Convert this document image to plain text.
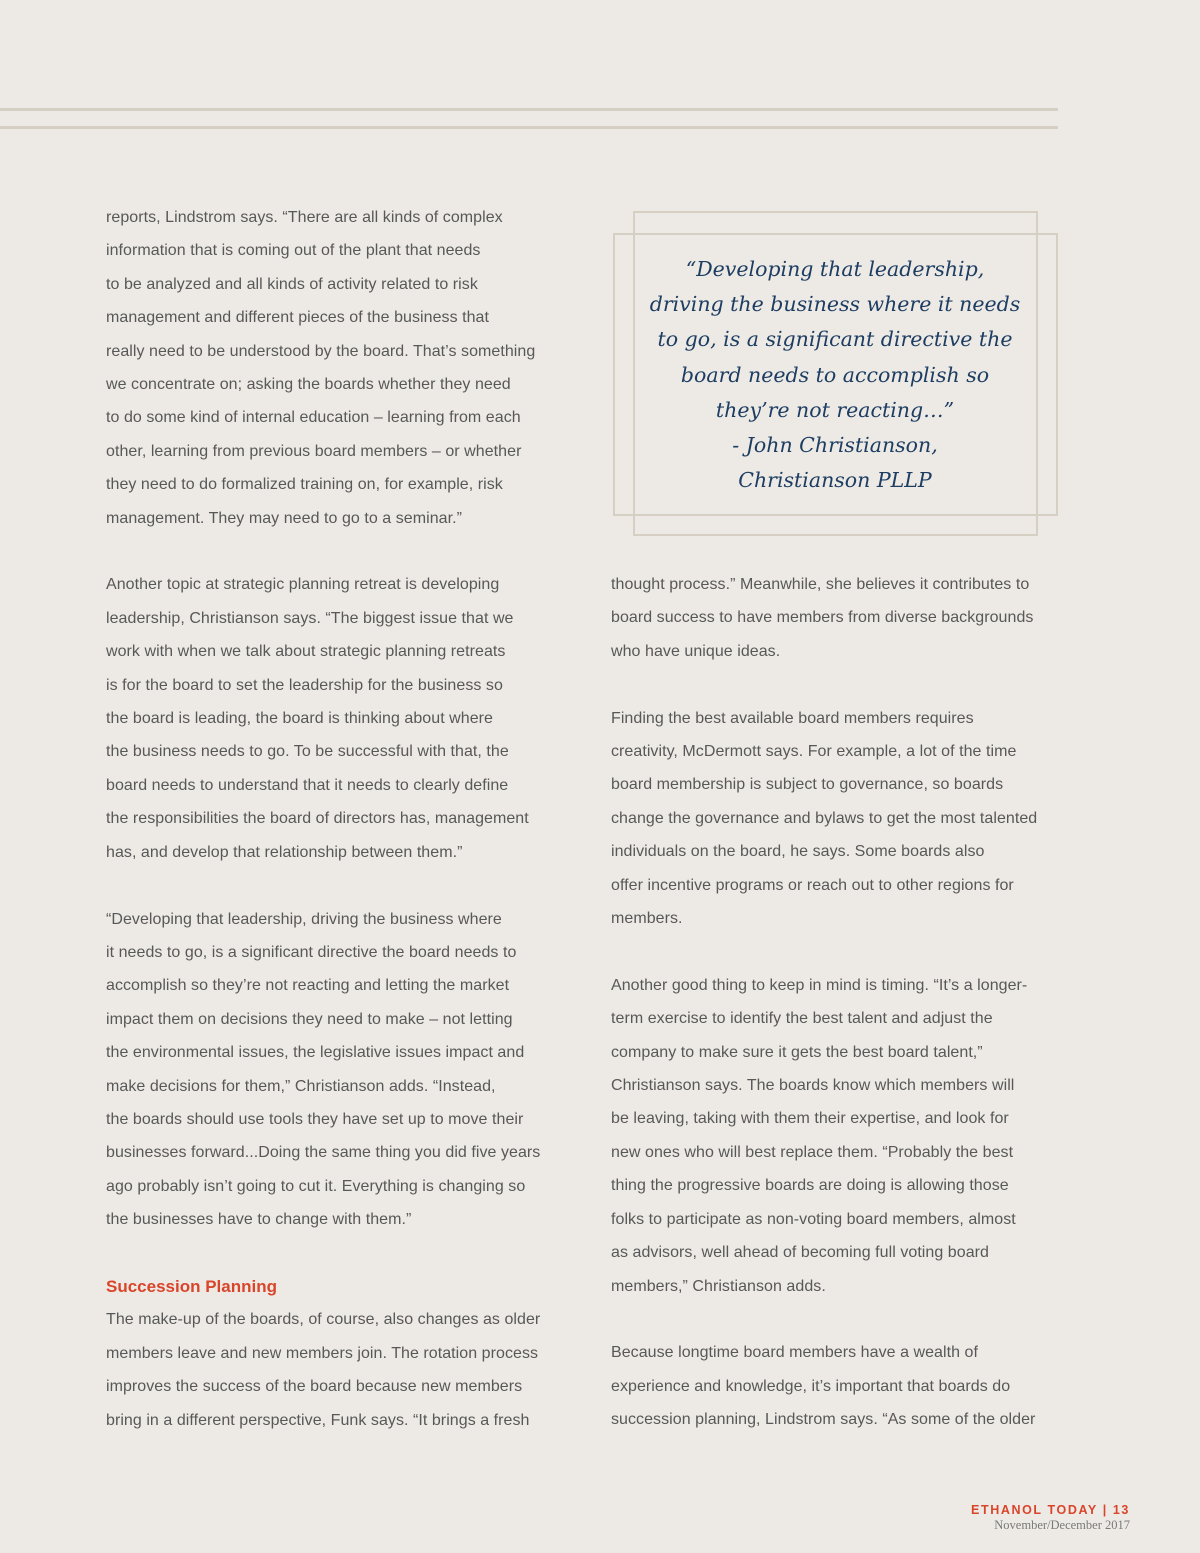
reports, Lindstrom says. “There are all kinds of complex
information that is coming out of the plant that needs
to be analyzed and all kinds of activity related to risk
management and different pieces of the business that
really need to be understood by the board. That’s something
we concentrate on; asking the boards whether they need
to do some kind of internal education – learning from each
other, learning from previous board members – or whether
they need to do formalized training on, for example, risk
management. They may need to go to a seminar.”
Another topic at strategic planning retreat is developing
leadership, Christianson says. “The biggest issue that we
work with when we talk about strategic planning retreats
is for the board to set the leadership for the business so
the board is leading, the board is thinking about where
the business needs to go. To be successful with that, the
board needs to understand that it needs to clearly define
the responsibilities the board of directors has, management
has, and develop that relationship between them.”
“Developing that leadership, driving the business where
it needs to go, is a significant directive the board needs to
accomplish so they’re not reacting and letting the market
impact them on decisions they need to make – not letting
the environmental issues, the legislative issues impact and
make decisions for them,” Christianson adds. “Instead,
the boards should use tools they have set up to move their
businesses forward...Doing the same thing you did five years
ago probably isn’t going to cut it. Everything is changing so
the businesses have to change with them.”
Succession Planning
The make-up of the boards, of course, also changes as older
members leave and new members join. The rotation process
improves the success of the board because new members
bring in a different perspective, Funk says. “It brings a fresh
“Developing that leadership,
driving the business where it needs
to go, is a significant directive the
board needs to accomplish so
they’re not reacting…”
- John Christianson,
Christianson PLLP
thought process.” Meanwhile, she believes it contributes to
board success to have members from diverse backgrounds
who have unique ideas.
Finding the best available board members requires
creativity, McDermott says. For example, a lot of the time
board membership is subject to governance, so boards
change the governance and bylaws to get the most talented
individuals on the board, he says. Some boards also
offer incentive programs or reach out to other regions for
members.
Another good thing to keep in mind is timing. “It’s a longer-
term exercise to identify the best talent and adjust the
company to make sure it gets the best board talent,”
Christianson says. The boards know which members will
be leaving, taking with them their expertise, and look for
new ones who will best replace them. “Probably the best
thing the progressive boards are doing is allowing those
folks to participate as non-voting board members, almost
as advisors, well ahead of becoming full voting board
members,” Christianson adds.
Because longtime board members have a wealth of
experience and knowledge, it’s important that boards do
succession planning, Lindstrom says. “As some of the older
ETHANOL TODAY | 13
November/December 2017
